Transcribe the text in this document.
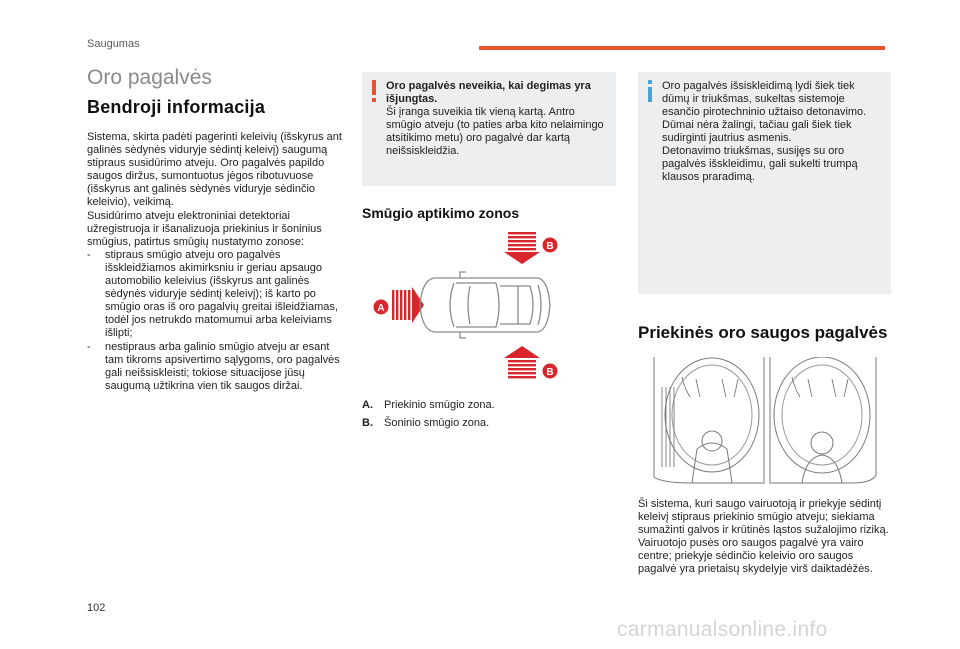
Saugumas
Oro pagalvės
Bendroji informacija

Sistema, skirta padėti pagerinti keleivių (išskyrus ant galinės sėdynės viduryje sėdintį keleivį) saugumą stipraus susidūrimo atveju. Oro pagalvės papildo saugos diržus, sumontuotus jėgos ribotuvuose (išskyrus ant galinės sėdynės viduryje sėdinčio keleivio), veikimą.

Susidūrimo atveju elektroniniai detektoriai užregistruoja ir išanalizuoja priekinius ir šoninius smūgius, patirtus smūgių nustatymo zonose:

- stipraus smūgio atveju oro pagalvės išskleidžiamos akimirksniu ir geriau apsaugo automobilio keleivius (išskyrus ant galinės sėdynės viduryje sėdintį keleivį); iš karto po smūgio oras iš oro pagalvių greitai išleidžiamas, todėl jos netrukdo matomumui arba keleiviams išlipti;
- nestipraus arba galinio smūgio atveju ar esant tam tikroms apsivertimo sąlygoms, oro pagalvės gali neišsiskleisti; tokiose situacijose jūsų saugumą užtikrina vien tik saugos diržai.
Oro pagalvės neveikia, kai degimas yra išjungtas.
Ši įranga suveikia tik vieną kartą. Antro smūgio atveju (to paties arba kito nelaimingo atsitikimo metu) oro pagalvė dar kartą neišsiskleidžia.
Oro pagalvės išsiskleidimą lydi šiek tiek dūmų ir triukšmas, sukeltas sistemoje esančio pirotechninio užtaiso detonavimo. Dūmai nėra žalingi, tačiau gali šiek tiek sudirginti jautrius asmenis.
Detonavimo triukšmas, susijęs su oro pagalvės išskleidimu, gali sukelti trumpą klausos praradimą.
Smūgio aptikimo zonos
B
B
A
A.	Priekinio smūgio zona.
B.	Šoninio smūgio zona.
Priekinės oro saugos pagalvės
Ši sistema, kuri saugo vairuotoją ir priekyje sėdintį keleivį stipraus priekinio smūgio atveju; siekiama sumažinti galvos ir krūtinės ląstos sužalojimo riziką.
Vairuotojo pusės oro saugos pagalvė yra vairo centre; priekyje sėdinčio keleivio oro saugos pagalvė yra prietaisų skydelyje virš daiktadėžės.
102
carmanualsonline.info
